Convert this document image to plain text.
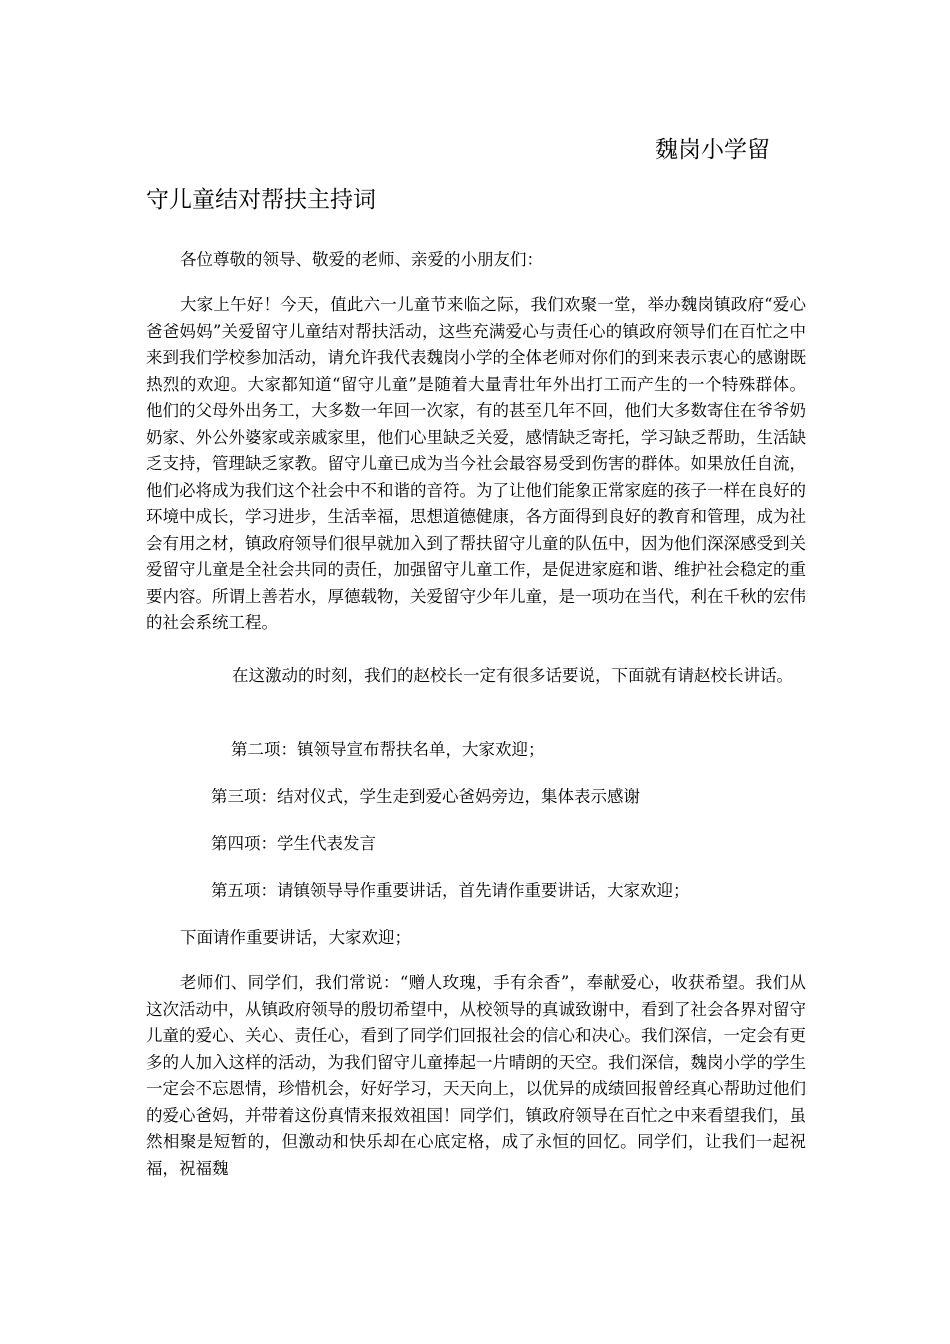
魏岗小学留
守儿童结对帮扶主持词

各位尊敬的领导、敬爱的老师、亲爱的小朋友们：

大家上午好！今天，值此六一儿童节来临之际，我们欢聚一堂，举办魏岗镇政府“爱心爸爸妈妈”关爱留守儿童结对帮扶活动，这些充满爱心与责任心的镇政府领导们在百忙之中来到我们学校参加活动，请允许我代表魏岗小学的全体老师对你们的到来表示衷心的感谢既热烈的欢迎。大家都知道“留守儿童”是随着大量青壮年外出打工而产生的一个特殊群体。他们的父母外出务工，大多数一年回一次家，有的甚至几年不回，他们大多数寄住在爷爷奶奶家、外公外婆家或亲戚家里，他们心里缺乏关爱，感情缺乏寄托，学习缺乏帮助，生活缺乏支持，管理缺乏家教。留守儿童已成为当今社会最容易受到伤害的群体。如果放任自流，他们必将成为我们这个社会中不和谐的音符。为了让他们能象正常家庭的孩子一样在良好的环境中成长，学习进步，生活幸福，思想道德健康，各方面得到良好的教育和管理，成为社会有用之材，镇政府领导们很早就加入到了帮扶留守儿童的队伍中，因为他们深深感受到关爱留守儿童是全社会共同的责任，加强留守儿童工作，是促进家庭和谐、维护社会稳定的重要内容。所谓上善若水，厚德载物，关爱留守少年儿童，是一项功在当代，利在千秋的宏伟的社会系统工程。

在这激动的时刻，我们的赵校长一定有很多话要说，下面就有请赵校长讲话。

第二项：镇领导宣布帮扶名单，大家欢迎；

第三项：结对仪式，学生走到爱心爸妈旁边，集体表示感谢

第四项：学生代表发言

第五项：请镇领导导作重要讲话，首先请作重要讲话，大家欢迎；

下面请作重要讲话，大家欢迎；

老师们、同学们，我们常说：“赠人玫瑰，手有余香”，奉献爱心，收获希望。我们从这次活动中，从镇政府领导的殷切希望中，从校领导的真诚致谢中，看到了社会各界对留守儿童的爱心、关心、责任心，看到了同学们回报社会的信心和决心。我们深信，一定会有更多的人加入这样的活动，为我们留守儿童捧起一片晴朗的天空。我们深信，魏岗小学的学生一定会不忘恩情，珍惜机会，好好学习，天天向上，以优异的成绩回报曾经真心帮助过他们的爱心爸妈，并带着这份真情来报效祖国！同学们，镇政府领导在百忙之中来看望我们，虽然相聚是短暂的，但激动和快乐却在心底定格，成了永恒的回忆。同学们，让我们一起祝福，祝福魏
